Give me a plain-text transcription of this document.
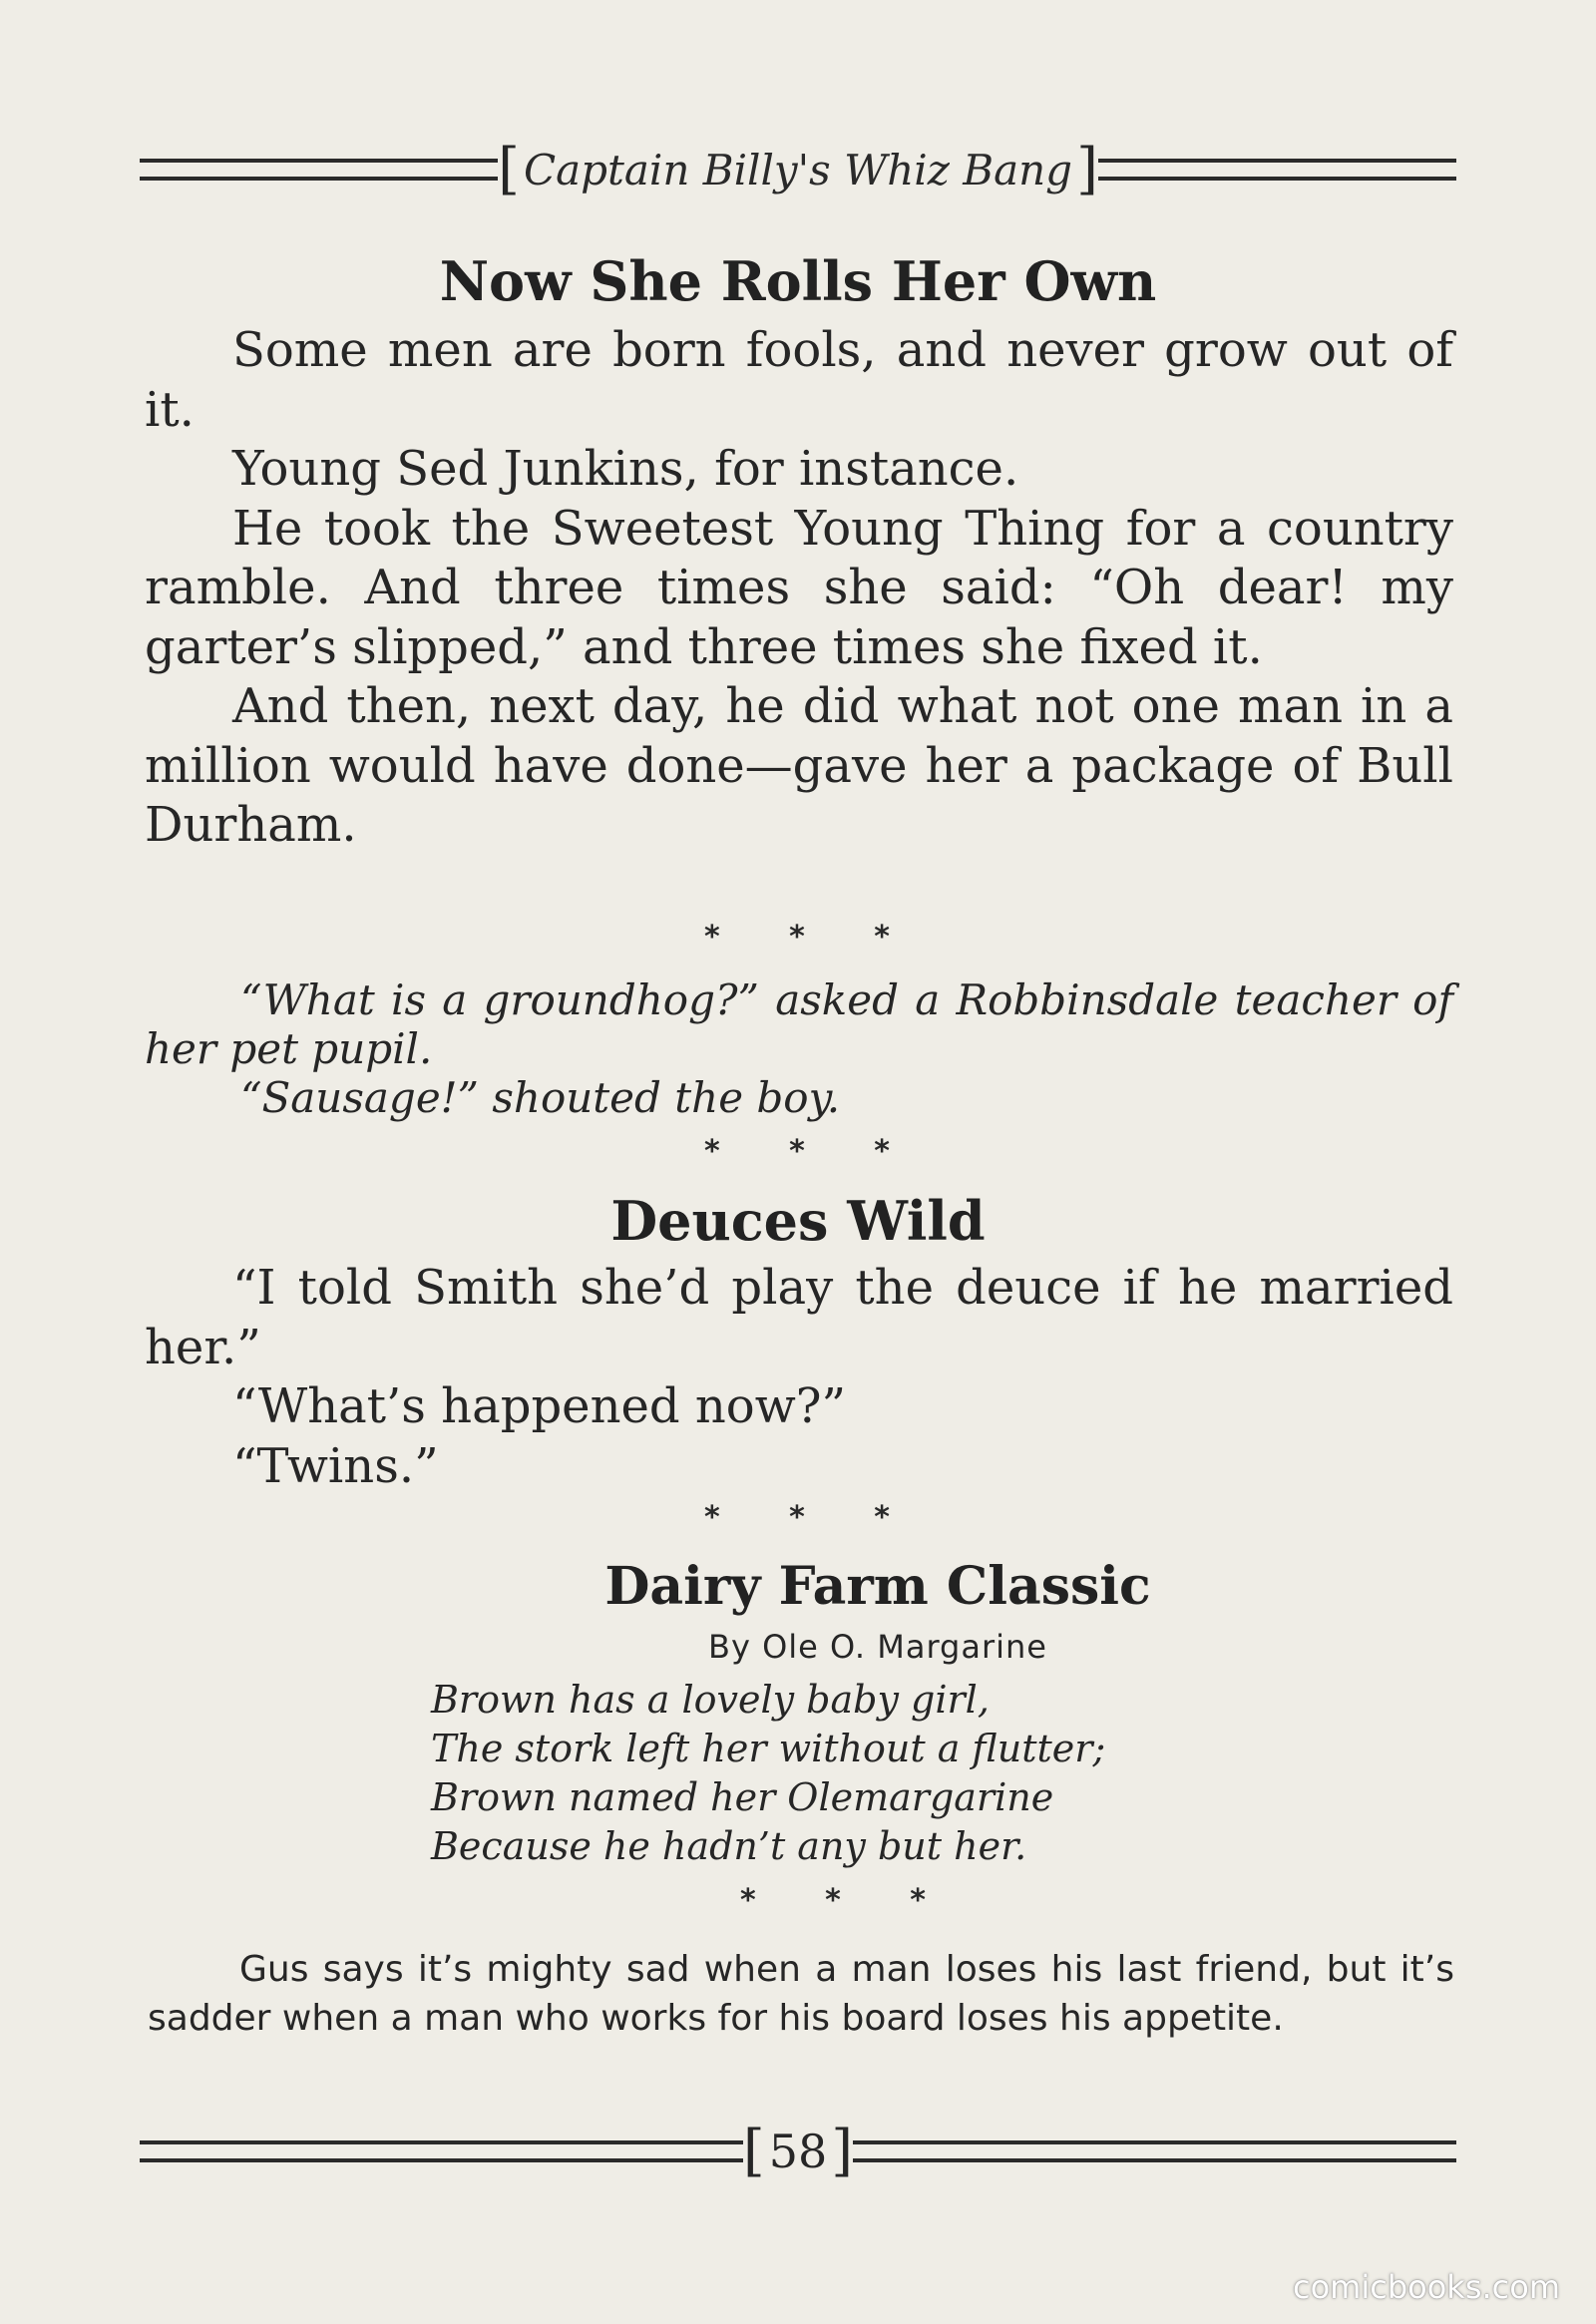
[ Captain Billy's Whiz Bang ]
Now She Rolls Her Own

Some men are born fools, and never grow out of it.

Young Sed Junkins, for instance.

He took the Sweetest Young Thing for a country ramble. And three times she said: “Oh dear! my garter’s slipped,” and three times she fixed it.

And then, next day, he did what not one man in a million would have done—gave her a package of Bull Durham.

* * *

“What is a groundhog?” asked a Robbinsdale teacher of her pet pupil.

“Sausage!” shouted the boy.

* * *
Deuces Wild

“I told Smith she’d play the deuce if he married her.”

“What’s happened now?”

“Twins.”

* * *
Dairy Farm Classic
By Ole O. Margarine
Brown has a lovely baby girl,
The stork left her without a flutter;
Brown named her Olemargarine
Because he hadn’t any but her.
* * *

Gus says it’s mighty sad when a man loses his last friend, but it’s sadder when a man who works for his board loses his appetite.

[ 58 ]
comicbooks.com
